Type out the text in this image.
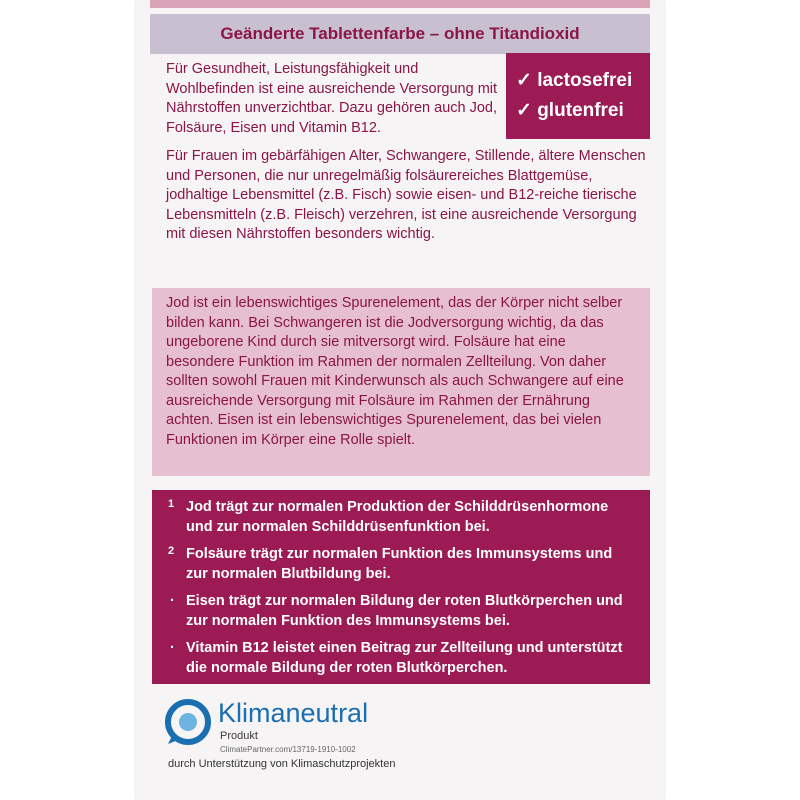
Geänderte Tablettenfarbe – ohne Titandioxid

Für Gesundheit, Leistungsfähigkeit und Wohlbefinden ist eine ausreichende Versorgung mit Nährstoffen unverzichtbar. Dazu gehören auch Jod, Folsäure, Eisen und Vitamin B12.

Für Frauen im gebärfähigen Alter, Schwangere, Stillende, ältere Menschen und Personen, die nur unregelmäßig folsäurereiches Blattgemüse, jodhaltige Lebensmittel (z.B. Fisch) sowie eisen- und B12-reiche tierische Lebensmitteln (z.B. Fleisch) verzehren, ist eine ausreichende Versorgung mit diesen Nährstoffen besonders wichtig.

✓ lactosefrei
✓ glutenfrei
Jod ist ein lebenswichtiges Spurenelement, das der Körper nicht selber bilden kann. Bei Schwangeren ist die Jodversorgung wichtig, da das ungeborene Kind durch sie mitversorgt wird. Folsäure hat eine besondere Funktion im Rahmen der normalen Zellteilung. Von daher sollten sowohl Frauen mit Kinderwunsch als auch Schwangere auf eine ausreichende Versorgung mit Folsäure im Rahmen der Ernährung achten. Eisen ist ein lebenswichtiges Spurenelement, das bei vielen Funktionen im Körper eine Rolle spielt.
1 Jod trägt zur normalen Produktion der Schilddrüsenhormone und zur normalen Schilddrüsenfunktion bei.
2 Folsäure trägt zur normalen Funktion des Immunsystems und zur normalen Blutbildung bei.
· Eisen trägt zur normalen Bildung der roten Blutkörperchen und zur normalen Funktion des Immunsystems bei.
· Vitamin B12 leistet einen Beitrag zur Zellteilung und unterstützt die normale Bildung der roten Blutkörperchen.
Klimaneutral
Produkt
ClimatePartner.com/13719-1910-1002
durch Unterstützung von Klimaschutzprojekten
